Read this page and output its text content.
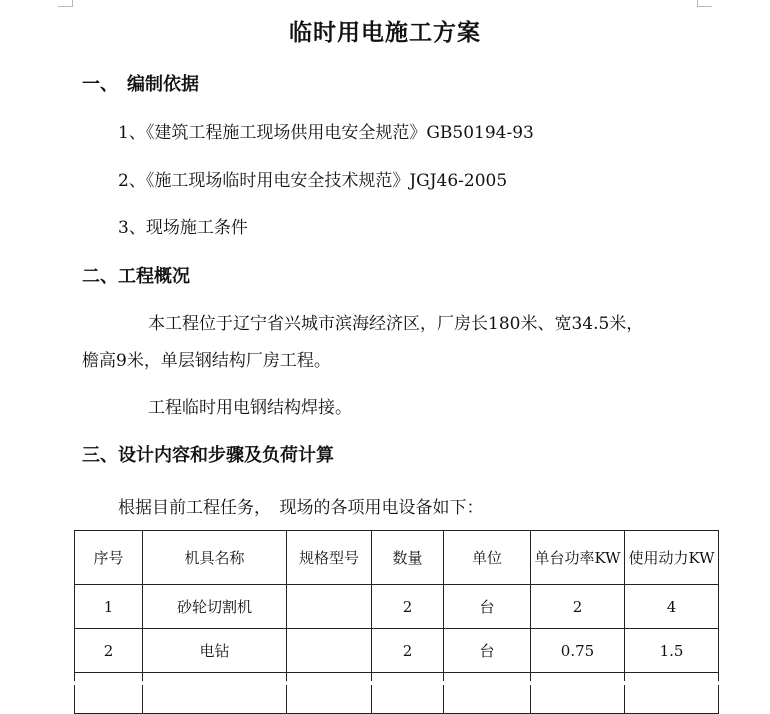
临时用电施工方案
一、　编制依据
1、《建筑工程施工现场供用电安全规范》GB50194-93
2、《施工现场临时用电安全技术规范》JGJ46-2005
3、现场施工条件
二、工程概况
本工程位于辽宁省兴城市滨海经济区，厂房长180米、宽34.5米，
檐高9米，单层钢结构厂房工程。
工程临时用电钢结构焊接。
三、设计内容和步骤及负荷计算
根据目前工程任务，　现场的各项用电设备如下：
序号	机具名称	规格型号	数量	单位	单台功率KW	使用动力KW
1	砂轮切割机		2	台	2	4
2	电钻		2	台	0.75	1.5
